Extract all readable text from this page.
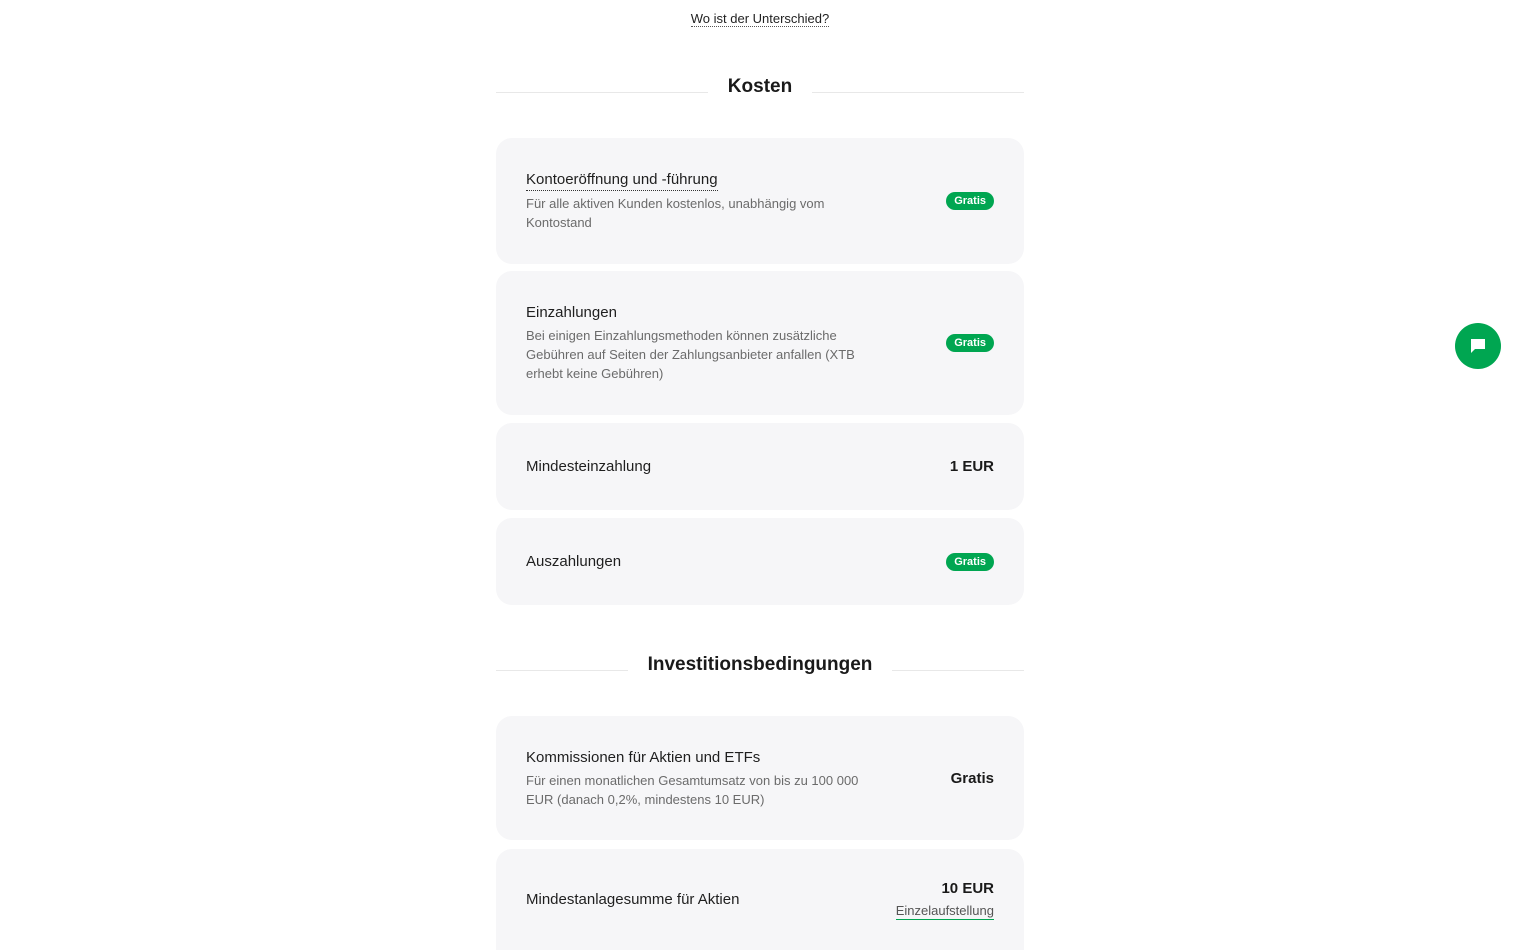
Wo ist der Unterschied?
Kosten
Kontoeröffnung und -führung
Für alle aktiven Kunden kostenlos, unabhängig vom Kontostand
Gratis
Einzahlungen
Bei einigen Einzahlungsmethoden können zusätzliche Gebühren auf Seiten der Zahlungsanbieter anfallen (XTB erhebt keine Gebühren)
Gratis
Mindesteinzahlung	1 EUR
Auszahlungen	Gratis
Investitionsbedingungen
Kommissionen für Aktien und ETFs
Für einen monatlichen Gesamtumsatz von bis zu 100 000 EUR (danach 0,2%, mindestens 10 EUR)
Gratis
Mindestanlagesumme für Aktien
10 EUR
Einzelaufstellung
